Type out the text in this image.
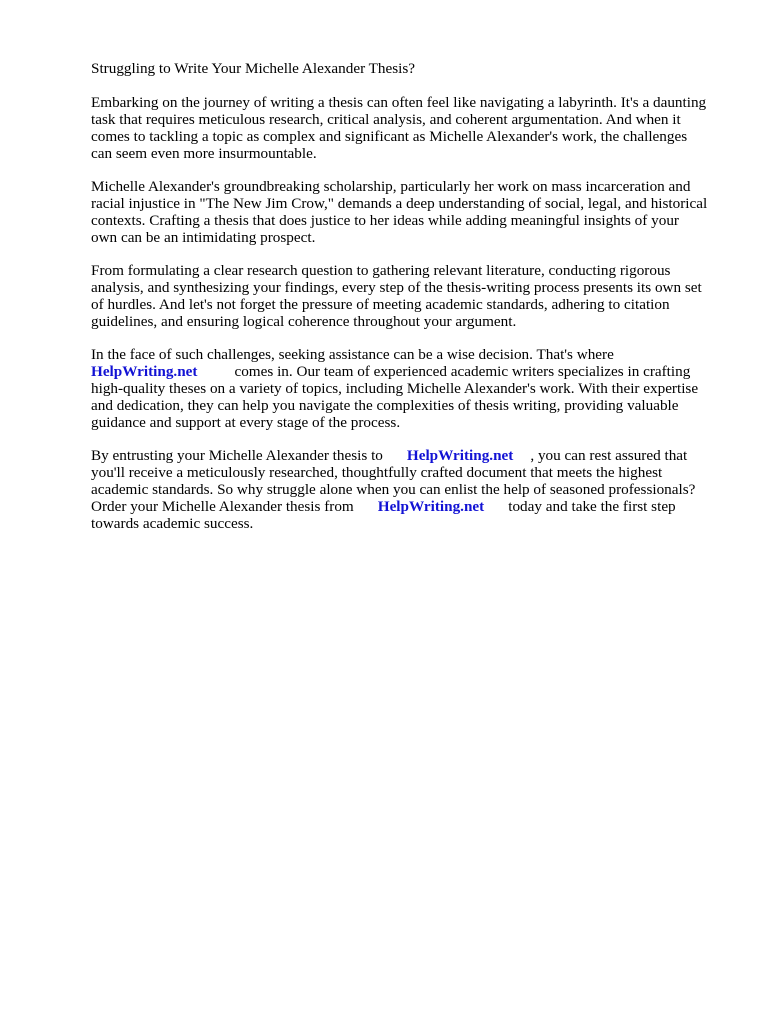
Struggling to Write Your Michelle Alexander Thesis?
Embarking on the journey of writing a thesis can often feel like navigating a labyrinth. It's a daunting
task that requires meticulous research, critical analysis, and coherent argumentation. And when it
comes to tackling a topic as complex and significant as Michelle Alexander's work, the challenges
can seem even more insurmountable.
Michelle Alexander's groundbreaking scholarship, particularly her work on mass incarceration and
racial injustice in "The New Jim Crow," demands a deep understanding of social, legal, and historical
contexts. Crafting a thesis that does justice to her ideas while adding meaningful insights of your
own can be an intimidating prospect.
From formulating a clear research question to gathering relevant literature, conducting rigorous
analysis, and synthesizing your findings, every step of the thesis-writing process presents its own set
of hurdles. And let's not forget the pressure of meeting academic standards, adhering to citation
guidelines, and ensuring logical coherence throughout your argument.
In the face of such challenges, seeking assistance can be a wise decision. That's where
HelpWriting.net comes in. Our team of experienced academic writers specializes in crafting
high-quality theses on a variety of topics, including Michelle Alexander's work. With their expertise
and dedication, they can help you navigate the complexities of thesis writing, providing valuable
guidance and support at every stage of the process.
By entrusting your Michelle Alexander thesis to HelpWriting.net , you can rest assured that
you'll receive a meticulously researched, thoughtfully crafted document that meets the highest
academic standards. So why struggle alone when you can enlist the help of seasoned professionals?
Order your Michelle Alexander thesis from HelpWriting.net today and take the first step
towards academic success.
